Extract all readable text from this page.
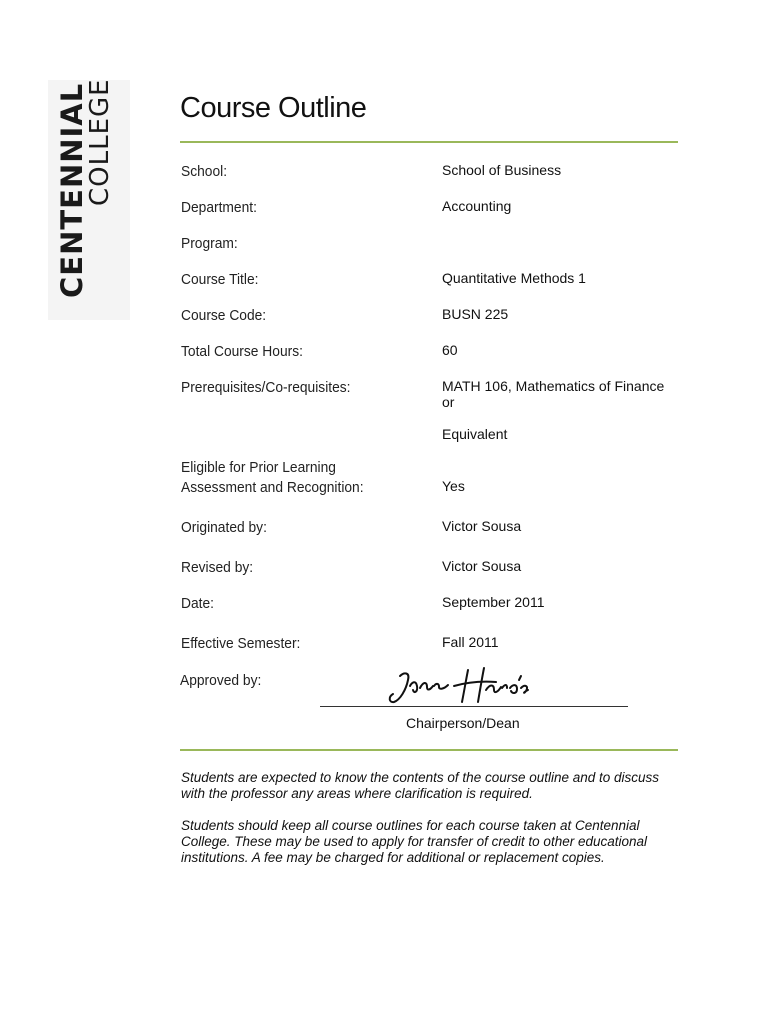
CENTENNIAL
COLLEGE Course Outline
School:	School of Business
Department:	Accounting
Program:
Course Title:	Quantitative Methods 1
Course Code:	BUSN 225
Total Course Hours:	60
Prerequisites/Co-requisites:	MATH 106, Mathematics of Finance
or
Equivalent
Eligible for Prior Learning
Assessment and Recognition:	Yes
Originated by:	Victor Sousa
Revised by:	Victor Sousa
Date:	September 2011
Effective Semester:	Fall 2011
Approved by:
Chairperson/Dean

Students are expected to know the contents of the course outline and to discuss with the professor any areas where clarification is required.

Students should keep all course outlines for each course taken at Centennial College. These may be used to apply for transfer of credit to other educational institutions. A fee may be charged for additional or replacement copies.
